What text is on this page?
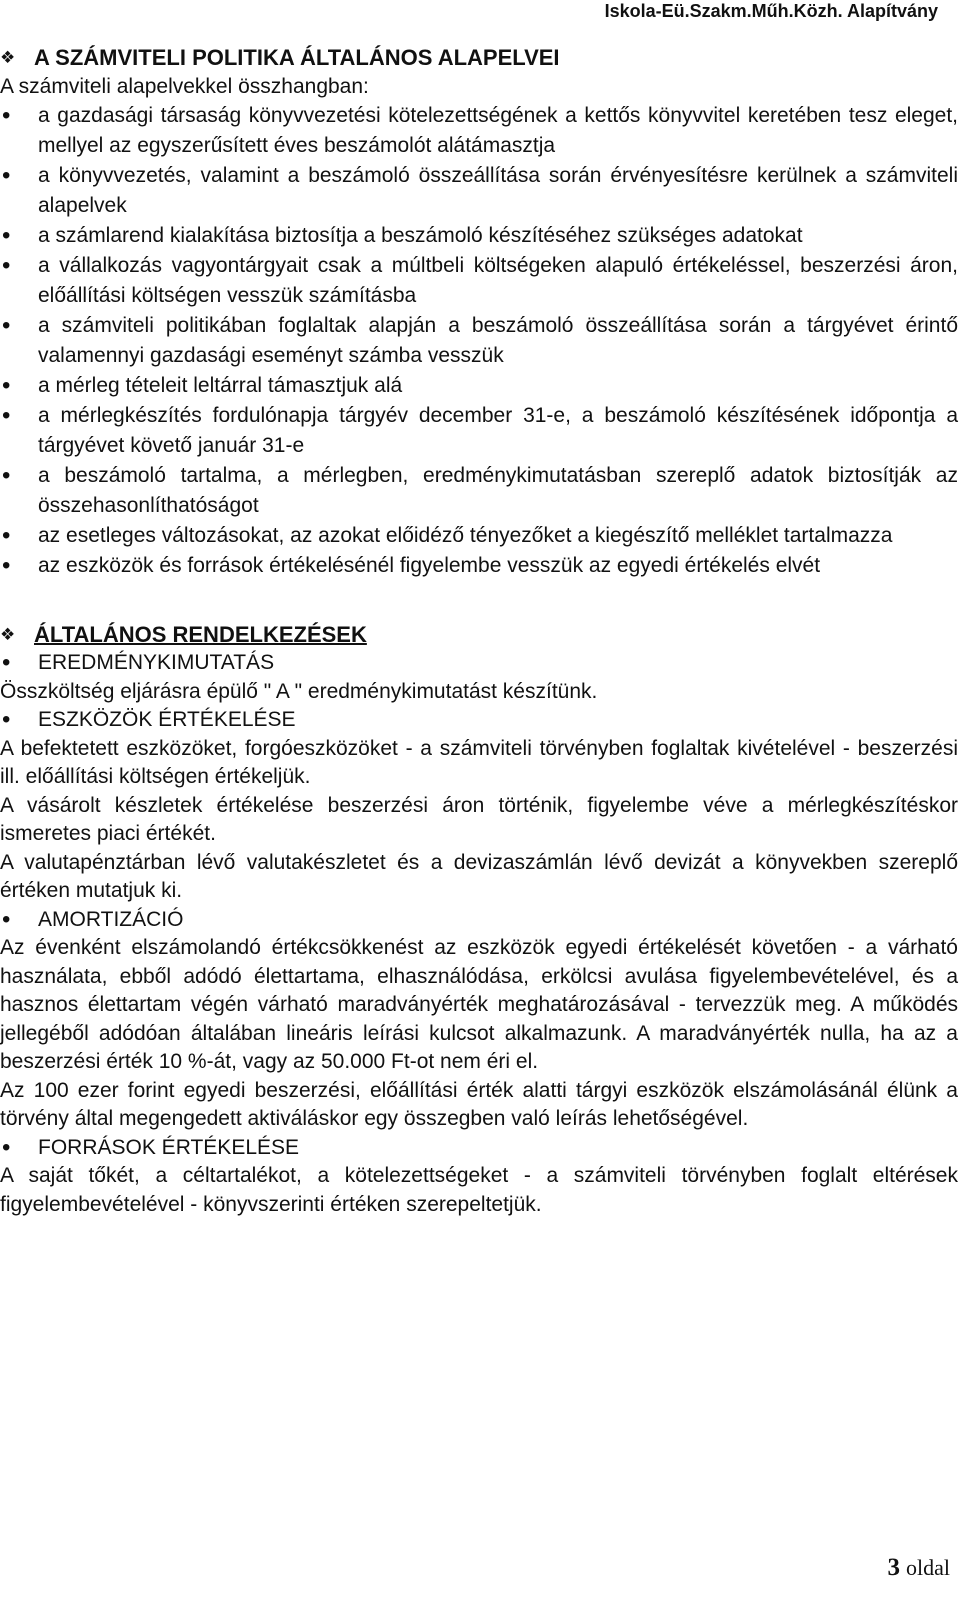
Iskola-Eü.Szakm.Műh.Közh. Alapítvány
❖ A SZÁMVITELI POLITIKA ÁLTALÁNOS ALAPELVEI
A számviteli alapelvekkel összhangban:
• a gazdasági társaság könyvvezetési kötelezettségének a kettős könyvvitel keretében tesz eleget, mellyel az egyszerűsített éves beszámolót alátámasztja
• a könyvvezetés, valamint a beszámoló összeállítása során érvényesítésre kerülnek a számviteli alapelvek
• a számlarend kialakítása biztosítja a beszámoló készítéséhez szükséges adatokat
• a vállalkozás vagyontárgyait csak a múltbeli költségeken alapuló értékeléssel, beszerzési áron, előállítási költségen vesszük számításba
• a számviteli politikában foglaltak alapján a beszámoló összeállítása során a tárgyévet érintő valamennyi gazdasági eseményt számba vesszük
• a mérleg tételeit leltárral támasztjuk alá
• a mérlegkészítés fordulónapja tárgyév december 31-e, a beszámoló készítésének időpontja a tárgyévet követő január 31-e
• a beszámoló tartalma, a mérlegben, eredménykimutatásban szereplő adatok biztosítják az összehasonlíthatóságot
• az esetleges változásokat, az azokat előidéző tényezőket a kiegészítő melléklet tartalmazza
• az eszközök és források értékelésénél figyelembe vesszük az egyedi értékelés elvét
❖ ÁLTALÁNOS RENDELKEZÉSEK
• EREDMÉNYKIMUTATÁS
Összköltség eljárásra épülő " A " eredménykimutatást készítünk.
• ESZKÖZÖK ÉRTÉKELÉSE
A befektetett eszközöket, forgóeszközöket - a számviteli törvényben foglaltak kivételével - beszerzési ill. előállítási költségen értékeljük.
A vásárolt készletek értékelése beszerzési áron történik, figyelembe véve a mérlegkészítéskor ismeretes piaci értékét.
A valutapénztárban lévő valutakészletet és a devizaszámlán lévő devizát a könyvekben szereplő értéken mutatjuk ki.
• AMORTIZÁCIÓ
Az évenként elszámolandó értékcsökkenést az eszközök egyedi értékelését követően - a várható használata, ebből adódó élettartama, elhasználódása, erkölcsi avulása figyelembevételével, és a hasznos élettartam végén várható maradványérték meghatározásával - tervezzük meg. A működés jellegéből adódóan általában lineáris leírási kulcsot alkalmazunk. A maradványérték nulla, ha az a beszerzési érték 10 %-át, vagy az 50.000 Ft-ot nem éri el.
Az 100 ezer forint egyedi beszerzési, előállítási érték alatti tárgyi eszközök elszámolásánál élünk a törvény által megengedett aktiváláskor egy összegben való leírás lehetőségével.
• FORRÁSOK ÉRTÉKELÉSE
A saját tőkét, a céltartalékot, a kötelezettségeket - a számviteli törvényben foglalt eltérések figyelembevételével - könyvszerinti értéken szerepeltetjük.
3 oldal
